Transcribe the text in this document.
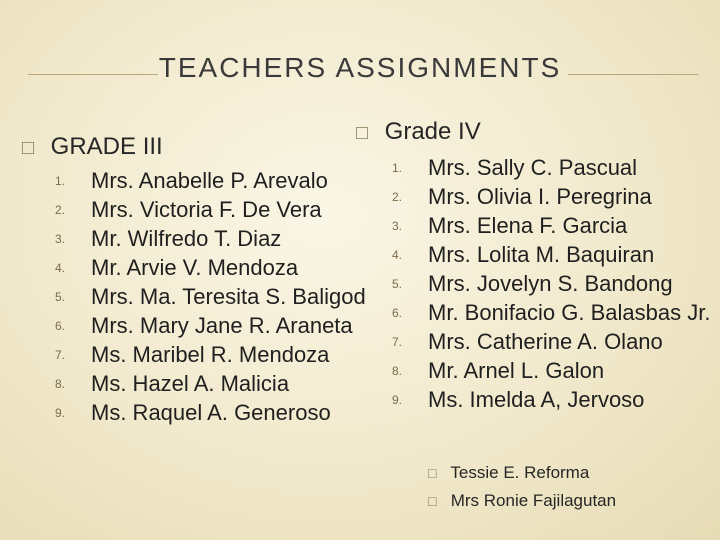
TEACHERS ASSIGNMENTS
□ GRADE III
1.	Mrs. Anabelle P. Arevalo
2.	Mrs. Victoria F. De Vera
3.	Mr. Wilfredo T. Diaz
4.	Mr. Arvie V. Mendoza
5.	Mrs. Ma. Teresita S. Baligod
6.	Mrs. Mary Jane R. Araneta
7.	Ms. Maribel R. Mendoza
8.	Ms. Hazel A. Malicia
9.	Ms. Raquel A. Generoso
□ Grade IV
1.	Mrs. Sally C. Pascual
2.	Mrs. Olivia I. Peregrina
3.	Mrs. Elena F. Garcia
4.	Mrs. Lolita M. Baquiran
5.	Mrs. Jovelyn S. Bandong
6.	Mr. Bonifacio G. Balasbas Jr.
7.	Mrs. Catherine A. Olano
8.	Mr. Arnel L. Galon
9.	Ms. Imelda A, Jervoso
□ Tessie E. Reforma
□ Mrs Ronie Fajilagutan
